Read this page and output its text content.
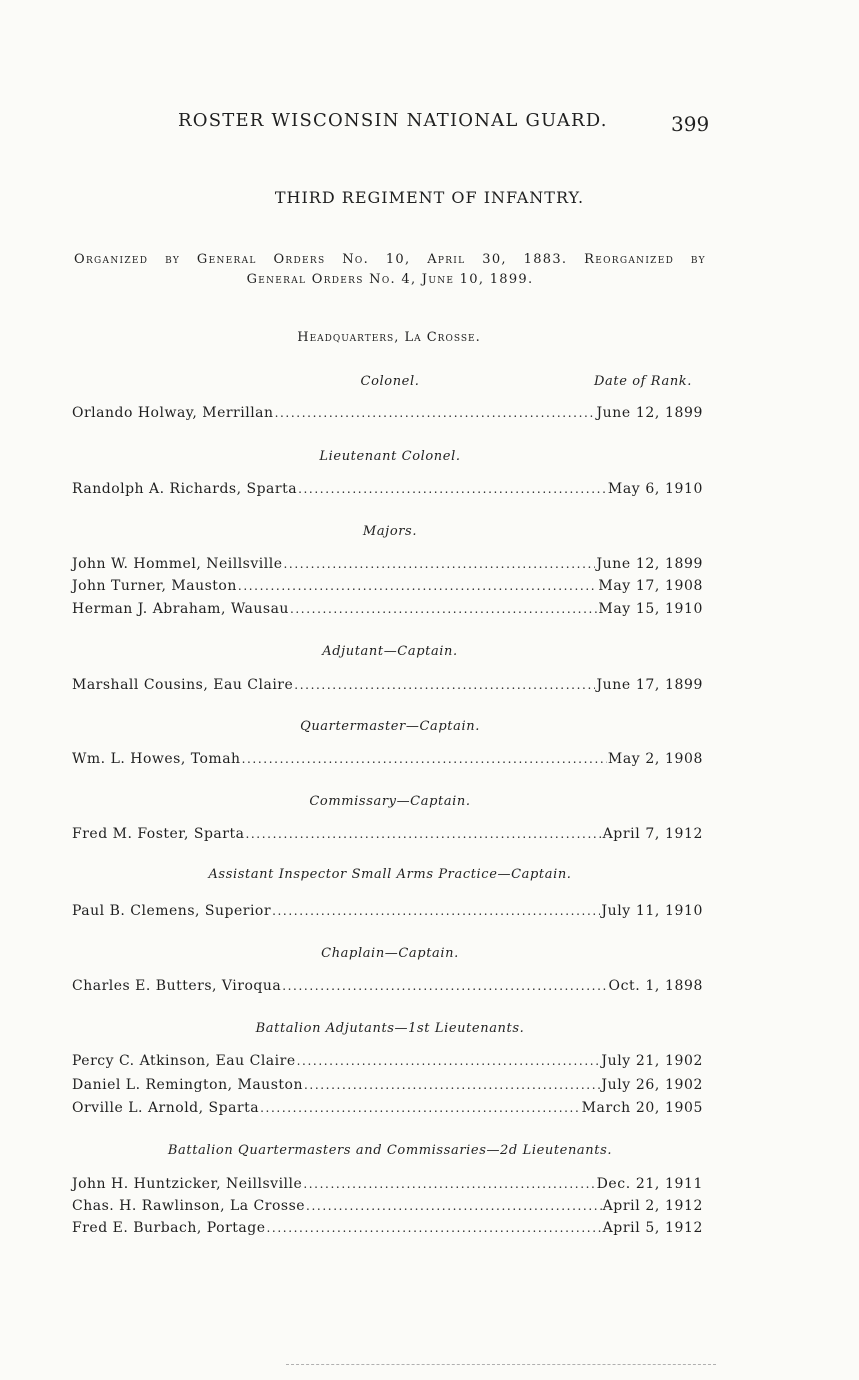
ROSTER WISCONSIN NATIONAL GUARD.	399
THIRD REGIMENT OF INFANTRY.
Organized by General Orders No. 10, April 30, 1883. Reorganized by
General Orders No. 4, June 10, 1899.
Headquarters, La Crosse.
Colonel.	Date of Rank.
Orlando Holway, Merrillan . . .	June 12, 1899
Lieutenant Colonel.
Randolph A. Richards, Sparta . . .	May 6, 1910
Majors.
John W. Hommel, Neillsville . . .	June 12, 1899
John Turner, Mauston . . .	May 17, 1908
Herman J. Abraham, Wausau . . .	May 15, 1910
Adjutant—Captain.
Marshall Cousins, Eau Claire . . .	June 17, 1899
Quartermaster—Captain.
Wm. L. Howes, Tomah . . .	May 2, 1908
Commissary—Captain.
Fred M. Foster, Sparta . . .	April 7, 1912
Assistant Inspector Small Arms Practice—Captain.
Paul B. Clemens, Superior . . .	July 11, 1910
Chaplain—Captain.
Charles E. Butters, Viroqua . . .	Oct. 1, 1898
Battalion Adjutants—1st Lieutenants.
Percy C. Atkinson, Eau Claire . . .	July 21, 1902
Daniel L. Remington, Mauston . . .	July 26, 1902
Orville L. Arnold, Sparta . . .	March 20, 1905
Battalion Quartermasters and Commissaries—2d Lieutenants.
John H. Huntzicker, Neillsville . . .	Dec. 21, 1911
Chas. H. Rawlinson, La Crosse . . .	April 2, 1912
Fred E. Burbach, Portage . . .	April 5, 1912
